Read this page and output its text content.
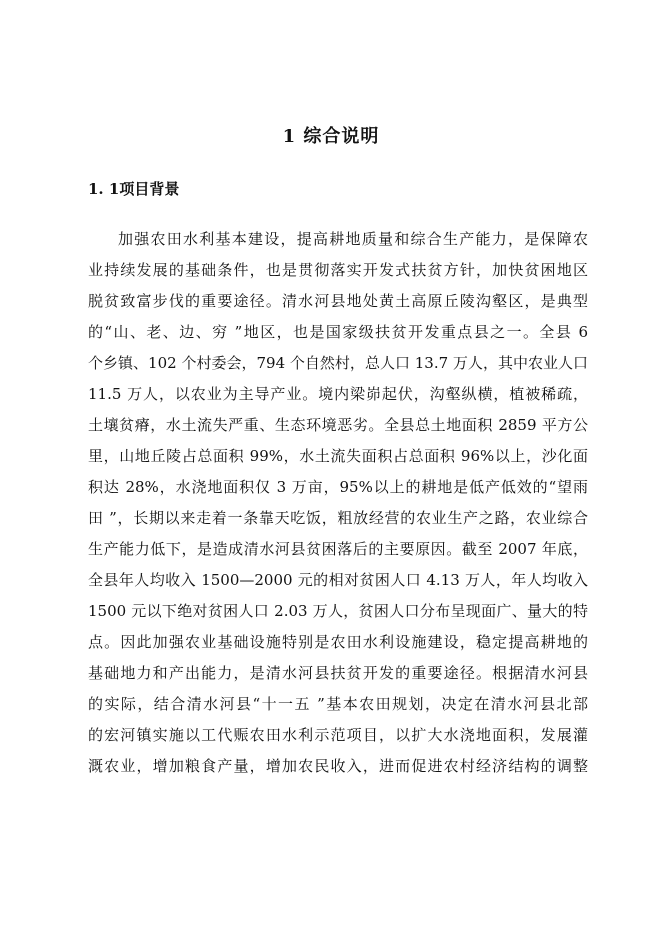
1 综合说明
1. 1项目背景
加强农田水利基本建设，提高耕地质量和综合生产能力，是保障农
业持续发展的基础条件，也是贯彻落实开发式扶贫方针，加快贫困地区
脱贫致富步伐的重要途径。清水河县地处黄土高原丘陵沟壑区，是典型
的“山、老、边、穷 ”地区，也是国家级扶贫开发重点县之一。全县 6
个乡镇、102 个村委会，794 个自然村，总人口 13.7 万人，其中农业人口
11.5 万人，以农业为主导产业。境内梁峁起伏，沟壑纵横，植被稀疏，
土壤贫瘠，水土流失严重、生态环境恶劣。全县总土地面积 2859 平方公
里，山地丘陵占总面积 99%，水土流失面积占总面积 96%以上，沙化面
积达 28%，水浇地面积仅 3 万亩，95%以上的耕地是低产低效的“望雨
田 ”，长期以来走着一条靠天吃饭，粗放经营的农业生产之路，农业综合
生产能力低下，是造成清水河县贫困落后的主要原因。截至 2007 年底，
全县年人均收入 1500—2000 元的相对贫困人口 4.13 万人，年人均收入
1500 元以下绝对贫困人口 2.03 万人，贫困人口分布呈现面广、量大的特
点。因此加强农业基础设施特别是农田水利设施建设，稳定提高耕地的
基础地力和产出能力，是清水河县扶贫开发的重要途径。根据清水河县
的实际，结合清水河县“十一五 ”基本农田规划，决定在清水河县北部
的宏河镇实施以工代赈农田水利示范项目，以扩大水浇地面积，发展灌
溉农业，增加粮食产量，增加农民收入，进而促进农村经济结构的调整
